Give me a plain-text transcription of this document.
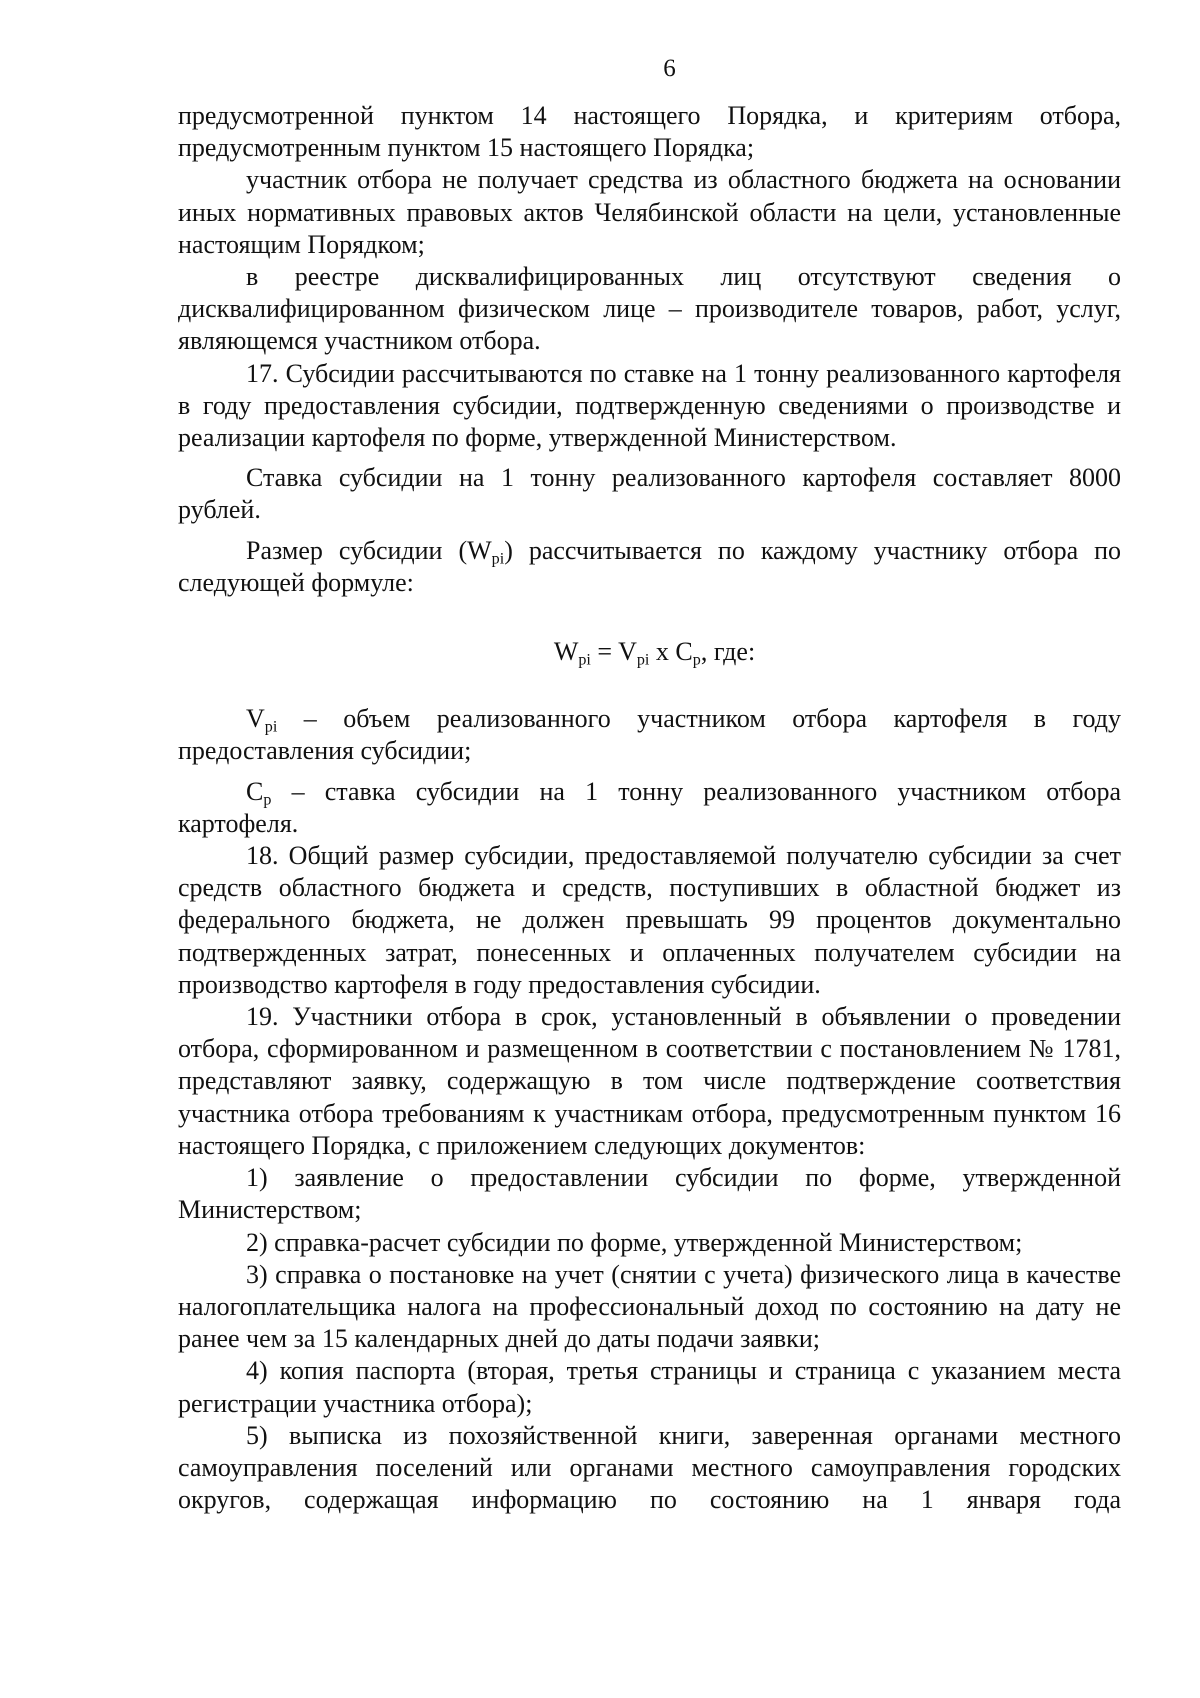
6

предусмотренной пунктом 14 настоящего Порядка, и критериям отбора, предусмотренным пунктом 15 настоящего Порядка;

участник отбора не получает средства из областного бюджета на основании иных нормативных правовых актов Челябинской области на цели, установленные настоящим Порядком;

в реестре дисквалифицированных лиц отсутствуют сведения о дисквалифицированном физическом лице – производителе товаров, работ, услуг, являющемся участником отбора.

17. Субсидии рассчитываются по ставке на 1 тонну реализованного картофеля в году предоставления субсидии, подтвержденную сведениями о производстве и реализации картофеля по форме, утвержденной Министерством.

Ставка субсидии на 1 тонну реализованного картофеля составляет 8000 рублей.

Размер субсидии $(W_{pi})$ рассчитывается по каждому участнику отбора по следующей формуле:

$W_{pi} = V_{pi}$ x $C_p$, где:

$V_{pi}$ – объем реализованного участником отбора картофеля в году предоставления субсидии;

$C_p$ – ставка субсидии на 1 тонну реализованного участником отбора картофеля.

18. Общий размер субсидии, предоставляемой получателю субсидии за счет средств областного бюджета и средств, поступивших в областной бюджет из федерального бюджета, не должен превышать 99 процентов документально подтвержденных затрат, понесенных и оплаченных получателем субсидии на производство картофеля в году предоставления субсидии.

19. Участники отбора в срок, установленный в объявлении о проведении отбора, сформированном и размещенном в соответствии с постановлением № 1781, представляют заявку, содержащую в том числе подтверждение соответствия участника отбора требованиям к участникам отбора, предусмотренным пунктом 16 настоящего Порядка, с приложением следующих документов:

1) заявление о предоставлении субсидии по форме, утвержденной Министерством;

2) справка-расчет субсидии по форме, утвержденной Министерством;

3) справка о постановке на учет (снятии с учета) физического лица в качестве налогоплательщика налога на профессиональный доход по состоянию на дату не ранее чем за 15 календарных дней до даты подачи заявки;

4) копия паспорта (вторая, третья страницы и страница с указанием места регистрации участника отбора);

5) выписка из похозяйственной книги, заверенная органами местного самоуправления поселений или органами местного самоуправления городских округов, содержащая информацию по состоянию на 1 января года
